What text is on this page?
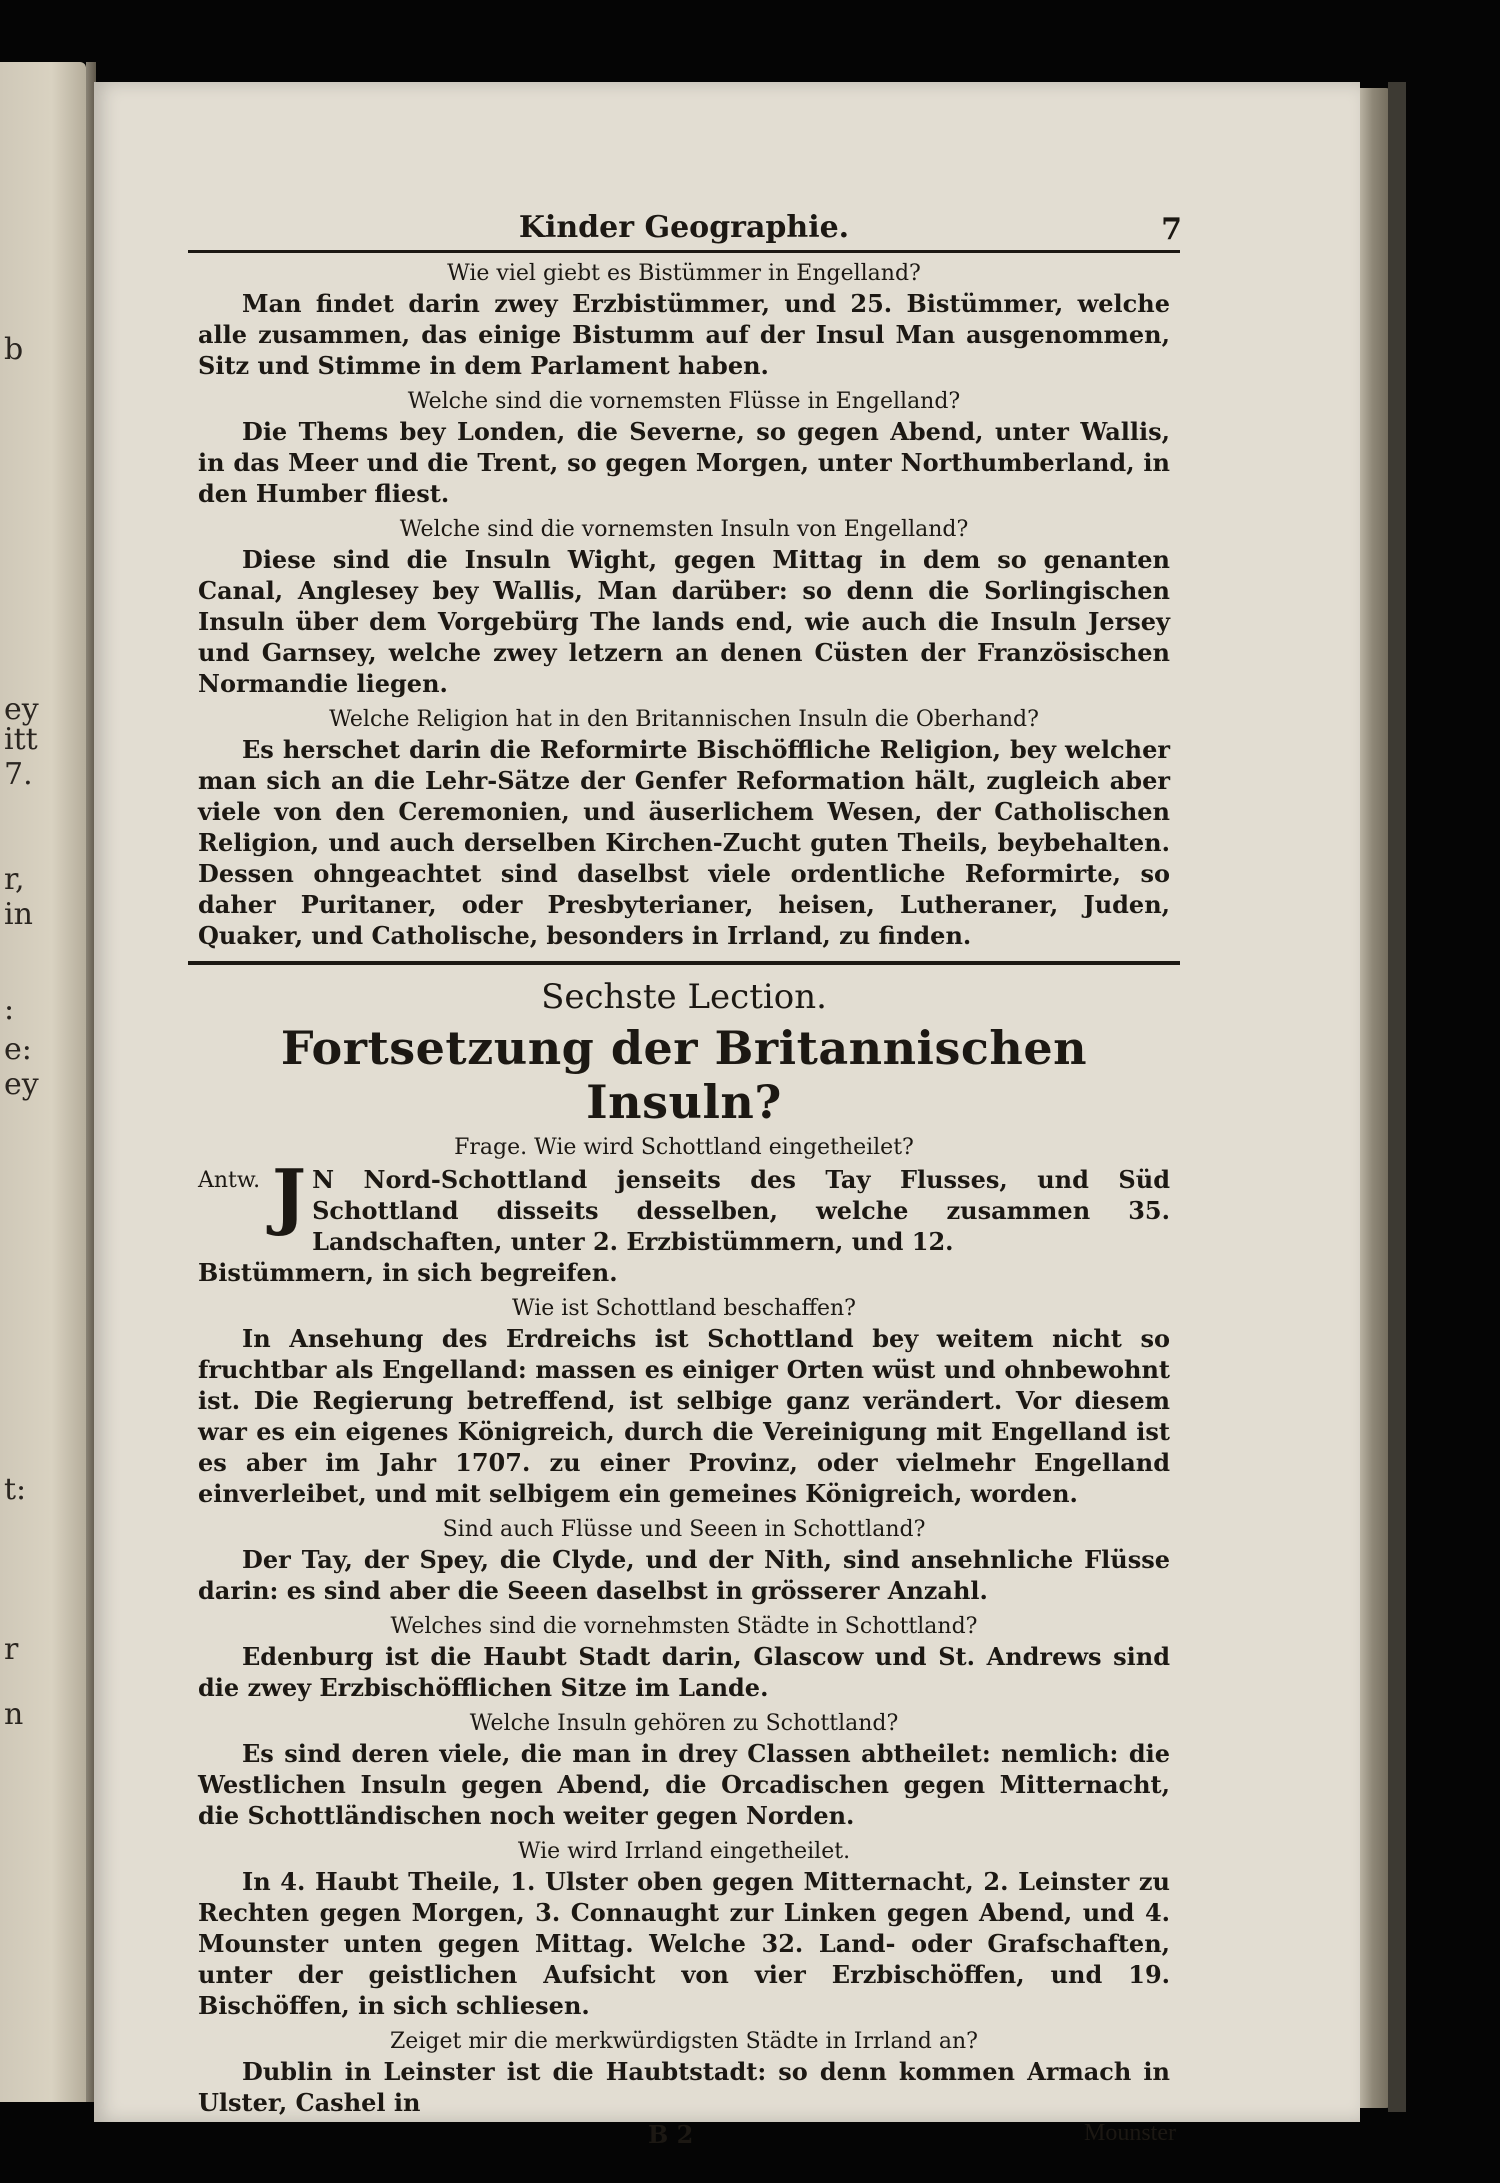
b
ey
itt
7.
r,
in
:
e:
ey
t:
r
n
Kinder Geographie.	7
Wie viel giebt es Bistümmer in Engelland?

Man findet darin zwey Erzbistümmer, und 25. Bistümmer, welche alle zusammen, das einige Bistumm auf der Insul Man ausgenommen, Sitz und Stimme in dem Parlament haben.

Welche sind die vornemsten Flüsse in Engelland?

Die Thems bey Londen, die Severne, so gegen Abend, unter Wallis, in das Meer und die Trent, so gegen Morgen, unter Northumberland, in den Humber fliest.

Welche sind die vornemsten Insuln von Engelland?

Diese sind die Insuln Wight, gegen Mittag in dem so genanten Canal, Anglesey bey Wallis, Man darüber: so denn die Sorlingischen Insuln über dem Vorgebürg The lands end, wie auch die Insuln Jersey und Garnsey, welche zwey letzern an denen Cüsten der Französischen Normandie liegen.

Welche Religion hat in den Britannischen Insuln die Oberhand?

Es herschet darin die Reformirte Bischöffliche Religion, bey welcher man sich an die Lehr-Sätze der Genfer Reformation hält, zugleich aber viele von den Ceremonien, und äuserlichem Wesen, der Catholischen Religion, und auch derselben Kirchen-Zucht guten Theils, beybehalten. Dessen ohngeachtet sind daselbst viele ordentliche Reformirte, so daher Puritaner, oder Presbyterianer, heisen, Lutheraner, Juden, Quaker, und Catholische, besonders in Irrland, zu finden.

Sechste Lection.
Fortsetzung der Britannischen Insuln?
Frage. Wie wird Schottland eingetheilet?
Antw. J N Nord-Schottland jenseits des Tay Flusses, und Süd Schottland disseits desselben, welche zusammen 35. Landschaften, unter 2. Erzbistümmern, und 12.

Bistümmern, in sich begreifen.

Wie ist Schottland beschaffen?

In Ansehung des Erdreichs ist Schottland bey weitem nicht so fruchtbar als Engelland: massen es einiger Orten wüst und ohnbewohnt ist. Die Regierung betreffend, ist selbige ganz verändert. Vor diesem war es ein eigenes Königreich, durch die Vereinigung mit Engelland ist es aber im Jahr 1707. zu einer Provinz, oder vielmehr Engelland einverleibet, und mit selbigem ein gemeines Königreich, worden.

Sind auch Flüsse und Seeen in Schottland?

Der Tay, der Spey, die Clyde, und der Nith, sind ansehnliche Flüsse darin: es sind aber die Seeen daselbst in grösserer Anzahl.

Welches sind die vornehmsten Städte in Schottland?

Edenburg ist die Haubt Stadt darin, Glascow und St. Andrews sind die zwey Erzbischöfflichen Sitze im Lande.

Welche Insuln gehören zu Schottland?

Es sind deren viele, die man in drey Classen abtheilet: nemlich: die Westlichen Insuln gegen Abend, die Orcadischen gegen Mitternacht, die Schottländischen noch weiter gegen Norden.

Wie wird Irrland eingetheilet.

In 4. Haubt Theile, 1. Ulster oben gegen Mitternacht, 2. Leinster zu Rechten gegen Morgen, 3. Connaught zur Linken gegen Abend, und 4. Mounster unten gegen Mittag. Welche 32. Land- oder Grafschaften, unter der geistlichen Aufsicht von vier Erzbischöffen, und 19. Bischöffen, in sich schliesen.

Zeiget mir die merkwürdigsten Städte in Irrland an?

Dublin in Leinster ist die Haubtstadt: so denn kommen Armach in Ulster, Cashel in

B 2	Mounster
